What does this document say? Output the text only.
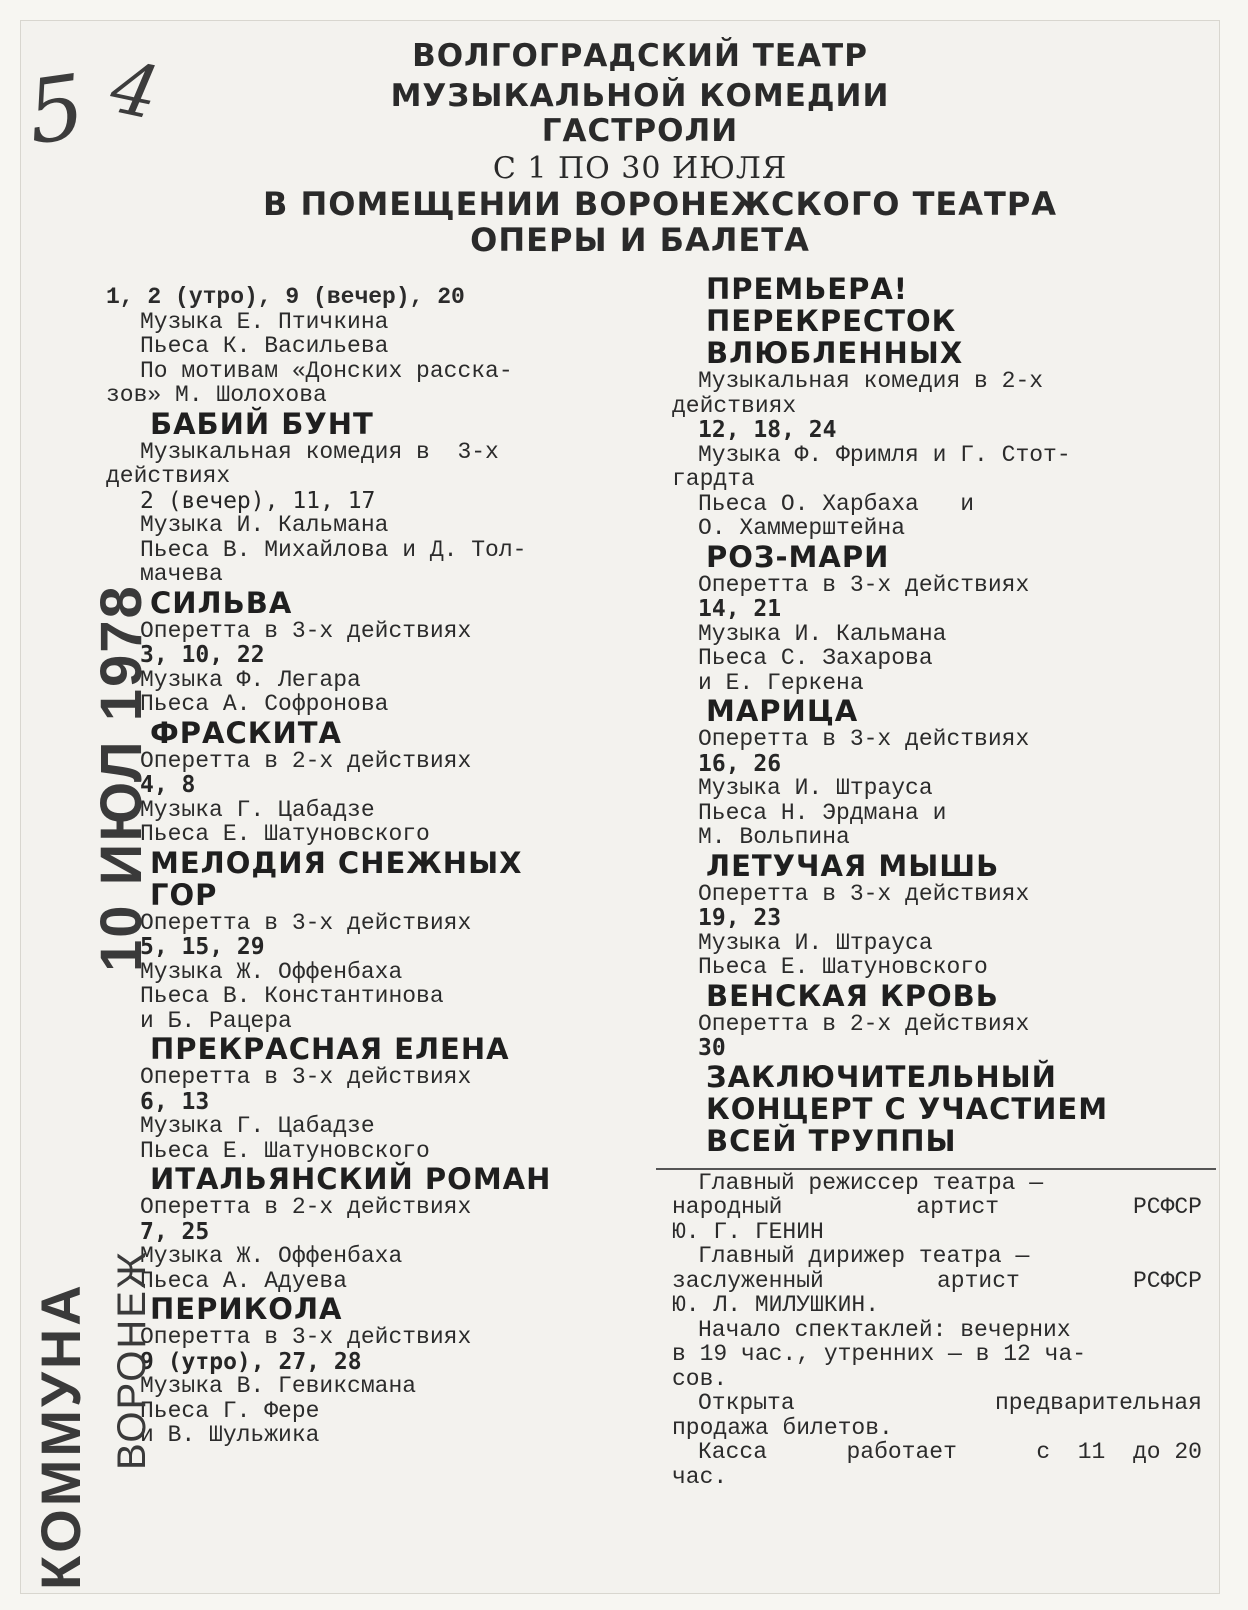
5 4	ВОЛГОГРАДСКИЙ ТЕАТР
МУЗЫКАЛЬНОЙ КОМЕДИИ
ГАСТРОЛИ
С 1 ПО 30 ИЮЛЯ
В ПОМЕЩЕНИИ ВОРОНЕЖСКОГО ТЕАТРА
ОПЕРЫ И БАЛЕТА
1, 2 (утро), 9 (вечер), 20
Музыка Е. Птичкина
Пьеса К. Васильева
По мотивам «Донских расска-
зов» М. Шолохова
БАБИЙ БУНТ
Музыкальная комедия в  3-х
действиях
2 (вечер), 11, 17
Музыка И. Кальмана
Пьеса В. Михайлова и Д. Тол-
мачева
СИЛЬВА
Оперетта в 3-х действиях
3, 10, 22
Музыка Ф. Легара
Пьеса А. Софронова
ФРАСКИТА
Оперетта в 2-х действиях
4, 8
Музыка Г. Цабадзе
Пьеса Е. Шатуновского
МЕЛОДИЯ СНЕЖНЫХ
ГОР
Оперетта в 3-х действиях
5, 15, 29
Музыка Ж. Оффенбаха
Пьеса В. Константинова
и Б. Рацера
ПРЕКРАСНАЯ ЕЛЕНА
Оперетта в 3-х действиях
6, 13
Музыка Г. Цабадзе
Пьеса Е. Шатуновского
ИТАЛЬЯНСКИЙ РОМАН
Оперетта в 2-х действиях
7, 25
Музыка Ж. Оффенбаха
Пьеса А. Адуева
ПЕРИКОЛА
Оперетта в 3-х действиях
9 (утро), 27, 28
Музыка В. Гевиксмана
Пьеса Г. Фере
и В. Шульжика
ПРЕМЬЕРА!
ПЕРЕКРЕСТОК
ВЛЮБЛЕННЫХ
Музыкальная комедия в 2-х
действиях
12, 18, 24
Музыка Ф. Фримля и Г. Стот-
гардта
Пьеса О. Харбаха   и
О. Хаммерштейна
РОЗ-МАРИ
Оперетта в 3-х действиях
14, 21
Музыка И. Кальмана
Пьеса С. Захарова
и Е. Геркена
МАРИЦА
Оперетта в 3-х действиях
16, 26
Музыка И. Штрауса
Пьеса Н. Эрдмана и
М. Вольпина
ЛЕТУЧАЯ МЫШЬ
Оперетта в 3-х действиях
19, 23
Музыка И. Штрауса
Пьеса Е. Шатуновского
ВЕНСКАЯ КРОВЬ
Оперетта в 2-х действиях
30
ЗАКЛЮЧИТЕЛЬНЫЙ
КОНЦЕРТ С УЧАСТИЕМ
ВСЕЙ ТРУППЫ
Главный режиссер театра —
народный	артист	РСФСР
Ю. Г. ГЕНИН
Главный дирижер театра —
заслуженный	артист	РСФСР
Ю. Л. МИЛУШКИН.
Начало спектаклей: вечерних
в 19 час., утренних — в 12 ча-
сов.
Открыта	предварительная
продажа билетов.
Касса	работает	с  11  до 20
час.
10 ИЮЛ 1978
КОММУНА ВОРОНЕЖ
